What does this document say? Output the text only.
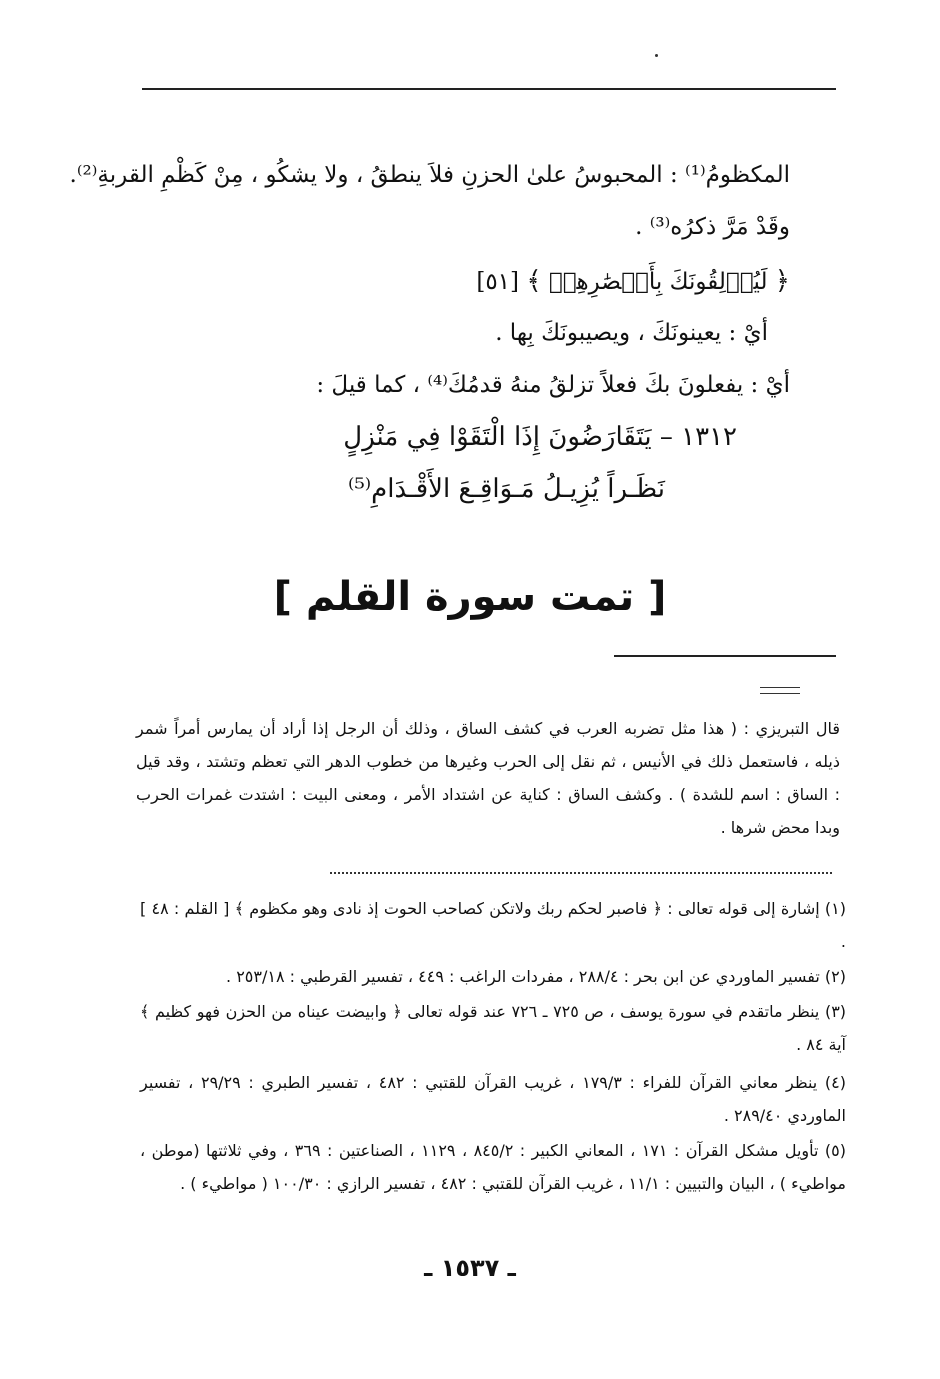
المكظومُ⁽¹⁾ : المحبوسُ علىٰ الحزنِ فلاَ ينطقُ ، ولا يشكُو ، مِنْ كَظْمِ القربةِ⁽²⁾.
وقَدْ مَرَّ ذكرُه⁽³⁾ .
﴿ لَيُزۡلِقُونَكَ بِأَبۡصَٰرِهِمۡ ﴾ [٥١]
أيْ : يعينونَكَ ، ويصيبونَكَ بِها .
أيْ : يفعلونَ بكَ فعلاً تزلقُ منهُ قدمُكَ⁽⁴⁾ ، كما قيلَ :
١٣١٢ – يَتَقَارَضُونَ إِذَا الْتَقَوْا فِي مَنْزِلٍ
نَظَـراً يُزِيـلُ مَـوَاقِـعَ الأَقْـدَامِ⁽⁵⁾
[ تمت سورة القلم ]
قال التبريزي : ( هذا مثل تضربه العرب في كشف الساق ، وذلك أن الرجل إذا أراد أن يمارس أمراً شمر ذيله ، فاستعمل ذلك في الأنيس ، ثم نقل إلى الحرب وغيرها من خطوب الدهر التي تعظم وتشتد ، وقد قيل : الساق : اسم للشدة ) . وكشف الساق : كناية عن اشتداد الأمر ، ومعنى البيت : اشتدت غمرات الحرب وبدا محض شرها .
(١) إشارة إلى قوله تعالى : ﴿ فاصبر لحكم ربك ولاتكن كصاحب الحوت إذ نادى وهو مكظوم ﴾ [ القلم : ٤٨ ] .
(٢) تفسير الماوردي عن ابن بحر : ٢٨٨/٤ ، مفردات الراغب : ٤٤٩ ، تفسير القرطبي : ٢٥٣/١٨ .
(٣) ينظر ماتقدم في سورة يوسف ، ص ٧٢٥ ـ ٧٢٦ عند قوله تعالى ﴿ وابيضت عيناه من الحزن فهو كظيم ﴾ آية ٨٤ .
(٤) ينظر معاني القرآن للفراء : ١٧٩/٣ ، غريب القرآن للقتبي : ٤٨٢ ، تفسير الطبري : ٢٩/٢٩ ، تفسير الماوردي ٢٨٩/٤٠ .
(٥) تأويل مشكل القرآن : ١٧١ ، المعاني الكبير : ٨٤٥/٢ ، ١١٢٩ ، الصناعتين : ٣٦٩ ، وفي ثلاثتها (موطن ، مواطيء ) ، البيان والتبيين : ١١/١ ، غريب القرآن للقتبي : ٤٨٢ ، تفسير الرازي : ١٠٠/٣٠ ( مواطيء ) .
ـ ١٥٣٧ ـ
